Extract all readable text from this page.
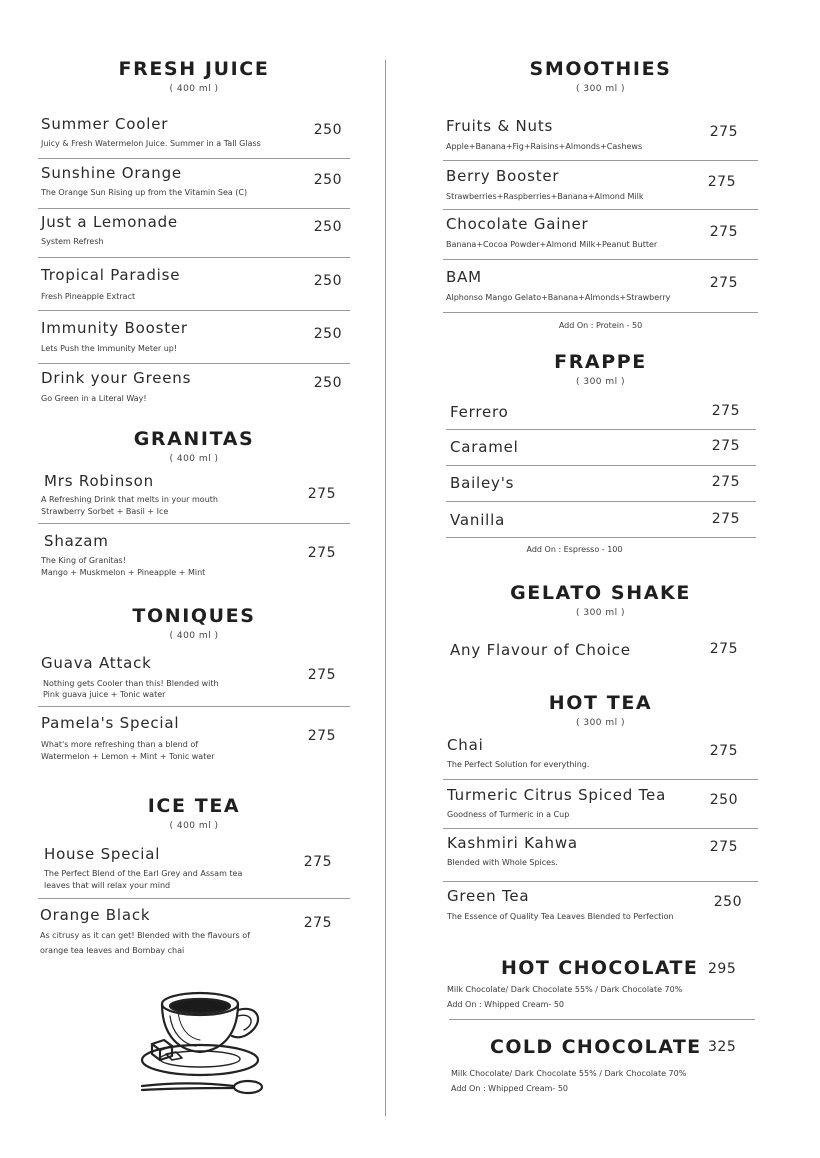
FRESH JUICE
( 400 ml )
Summer Cooler
Juicy & Fresh Watermelon Juice. Summer in a Tall Glass
250
Sunshine Orange
The Orange Sun Rising up from the Vitamin Sea (C)
250
Just a Lemonade
System Refresh
250
Tropical Paradise
Fresh Pineapple Extract
250
Immunity Booster
Lets Push the Immunity Meter up!
250
Drink your Greens
Go Green in a Literal Way!
250
GRANITAS
( 400 ml )
Mrs Robinson
A Refreshing Drink that melts in your mouth
Strawberry Sorbet + Basil + Ice
275
Shazam
The King of Granitas!
Mango + Muskmelon + Pineapple + Mint
275
TONIQUES
( 400 ml )
Guava Attack
Nothing gets Cooler than this! Blended with
Pink guava juice + Tonic water
275
Pamela's Special
What's more refreshing than a blend of
Watermelon + Lemon + Mint + Tonic water
275
ICE TEA
( 400 ml )
House Special
The Perfect Blend of the Earl Grey and Assam tea
leaves that will relax your mind
275
Orange Black
As citrusy as it can get! Blended with the flavours of
orange tea leaves and Bombay chai
275
SMOOTHIES
( 300 ml )
Fruits & Nuts
Apple+Banana+Fig+Raisins+Almonds+Cashews
275
Berry Booster
Strawberries+Raspberries+Banana+Almond Milk
275
Chocolate Gainer
Banana+Cocoa Powder+Almond Milk+Peanut Butter
275
BAM
Alphonso Mango Gelato+Banana+Almonds+Strawberry
275
Add On : Protein - 50
FRAPPE
( 300 ml )
Ferrero	275
Caramel	275
Bailey's	275
Vanilla	275
Add On : Espresso - 100
GELATO SHAKE
( 300 ml )
Any Flavour of Choice	275
HOT TEA
( 300 ml )
Chai
The Perfect Solution for everything.
275
Turmeric Citrus Spiced Tea
Goodness of Turmeric in a Cup
250
Kashmiri Kahwa
Blended with Whole Spices.
275
Green Tea
The Essence of Quality Tea Leaves Blended to Perfection
250
HOT CHOCOLATE 295
Milk Chocolate/ Dark Chocolate 55% / Dark Chocolate 70%
Add On : Whipped Cream- 50
COLD CHOCOLATE 325
Milk Chocolate/ Dark Chocolate 55% / Dark Chocolate 70%
Add On : Whipped Cream- 50
